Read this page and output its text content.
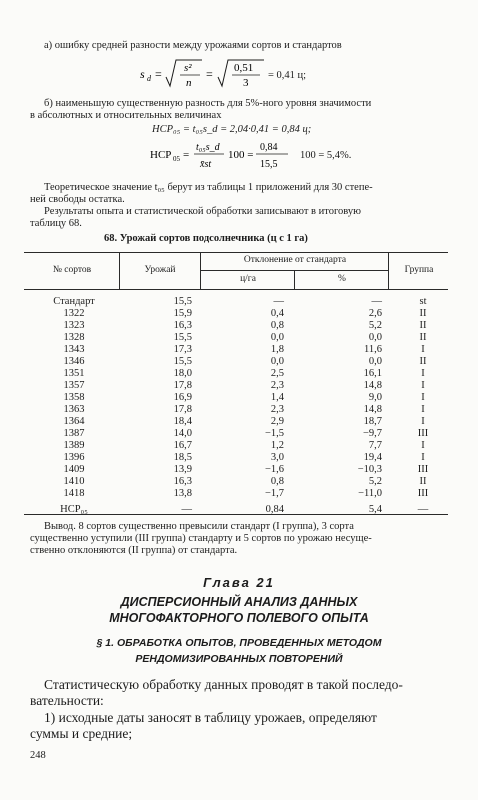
а) ошибку средней разности между урожаями сортов и стандартов
s d = s²
n
= 0,51
3
= 0,41 ц;
б) наименьшую существенную разность для 5%-ного уровня значимости
в абсолютных и относительных величинах
НСР₀₅ = t₀₅s_d = 2,04·0,41 = 0,84 ц;
НСР 05 =
t₀₅s_d
x̄st
100 =
0,84
15,5
100 = 5,4%.
Теоретическое значение t₀₅ берут из таблицы 1 приложений для 30 степе-
ней свободы остатка.
Результаты опыта и статистической обработки записывают в итоговую
таблицу 68.
68. Урожай сортов подсолнечника (ц с 1 га)
№ сортов	Урожай
Отклонение от стандарта
ц/га	%
Группа
Стандарт	15,5	—	—	st
1322	15,9	0,4	2,6	II
1323	16,3	0,8	5,2	II
1328	15,5	0,0	0,0	II
1343	17,3	1,8	11,6	I
1346	15,5	0,0	0,0	II
1351	18,0	2,5	16,1	I
1357	17,8	2,3	14,8	I
1358	16,9	1,4	9,0	I
1363	17,8	2,3	14,8	I
1364	18,4	2,9	18,7	I
1387	14,0	−1,5	−9,7	III
1389	16,7	1,2	7,7	I
1396	18,5	3,0	19,4	I
1409	13,9	−1,6	−10,3	III
1410	16,3	0,8	5,2	II
1418	13,8	−1,7	−11,0	III
НСР₀₅	—	0,84	5,4	—
Вывод. 8 сортов существенно превысили стандарт (I группа), 3 сорта
существенно уступили (III группа) стандарту и 5 сортов по урожаю несуще-
ственно отклоняются (II группа) от стандарта.
Глава 21
ДИСПЕРСИОННЫЙ АНАЛИЗ ДАННЫХ
МНОГОФАКТОРНОГО ПОЛЕВОГО ОПЫТА
§ 1. ОБРАБОТКА ОПЫТОВ, ПРОВЕДЕННЫХ МЕТОДОМ
РЕНДОМИЗИРОВАННЫХ ПОВТОРЕНИЙ
Статистическую обработку данных проводят в такой последо-
вательности:
1) исходные даты заносят в таблицу урожаев, определяют
суммы и средние;
248
